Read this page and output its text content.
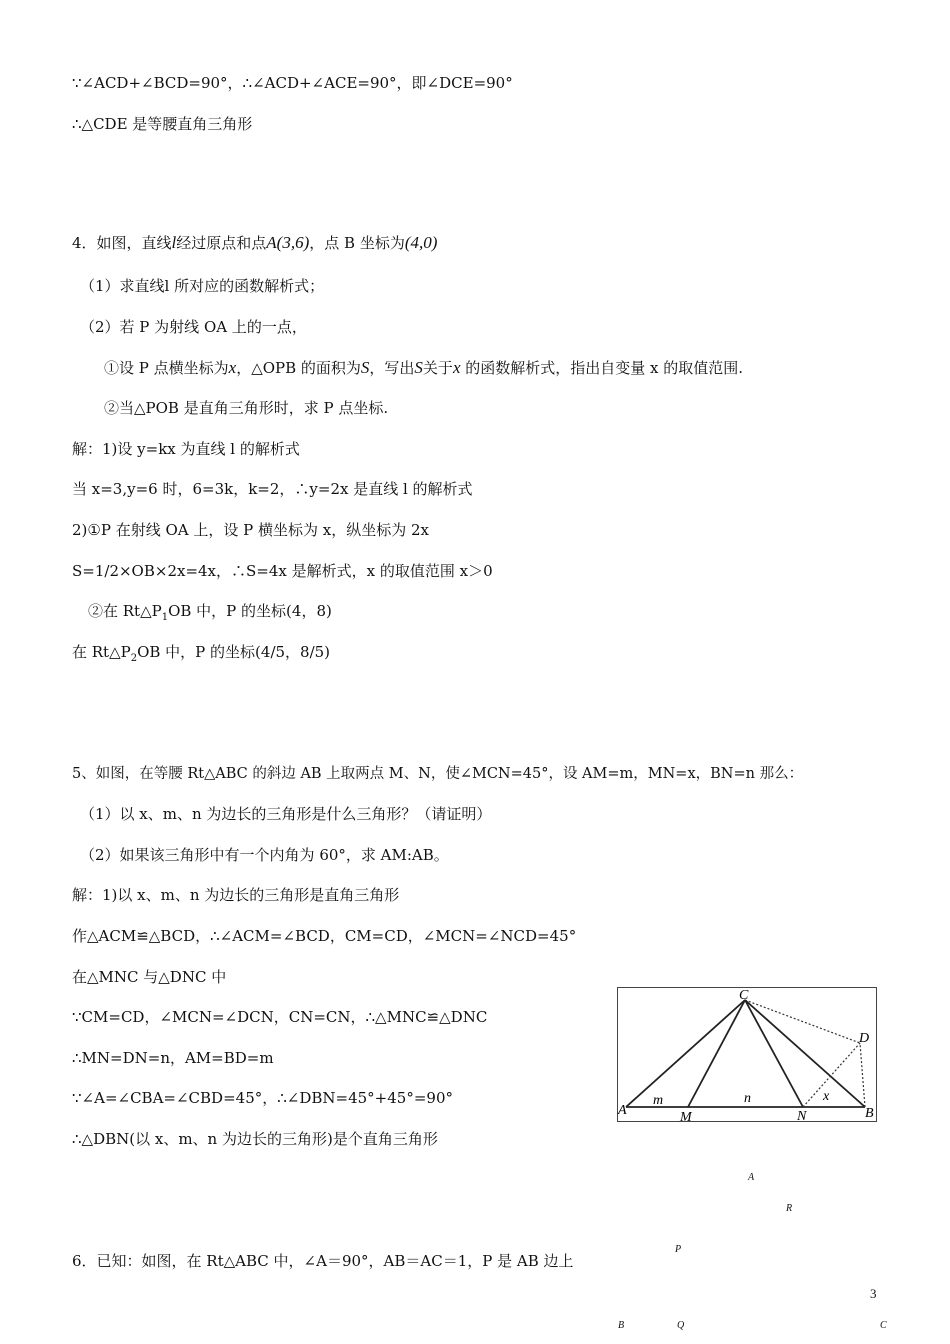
∵∠ACD+∠BCD=90°，∴∠ACD+∠ACE=90°，即∠DCE=90°
∴△CDE 是等腰直角三角形
4．如图，直线l经过原点和点A(3,6)，点 B 坐标为(4,0)
（1）求直线l 所对应的函数解析式；
（2）若 P 为射线 OA 上的一点，
①设 P 点横坐标为x，△OPB 的面积为S，写出S关于x 的函数解析式，指出自变量 x 的取值范围.
②当△POB 是直角三角形时，求 P 点坐标.
解：1)设 y=kx 为直线 l 的解析式
当 x=3,y=6 时，6=3k，k=2，∴y=2x 是直线 l 的解析式
2)①P 在射线 OA 上，设 P 横坐标为 x，纵坐标为 2x
S=1/2×OB×2x=4x，∴S=4x 是解析式，x 的取值范围 x＞0
②在 $Rt\triangle P_1OB$ 中，P 的坐标(4，8)
在 $Rt\triangle P_2OB$ 中，P 的坐标(4/5，8/5)
5、如图，在等腰 Rt△ABC 的斜边 AB 上取两点 M、N，使∠MCN=45°，设 AM=m，MN=x，BN=n 那么：
（1）以 x、m、n 为边长的三角形是什么三角形？（请证明）
（2）如果该三角形中有一个内角为 60°，求 AM:AB。
解：1)以 x、m、n 为边长的三角形是直角三角形
作△ACM≌△BCD，∴∠ACM=∠BCD，CM=CD，∠MCN=∠NCD=45°
在△MNC 与△DNC 中
∵CM=CD，∠MCN=∠DCN，CN=CN，∴△MNC≌△DNC
∴MN=DN=n，AM=BD=m
∵∠A=∠CBA=∠CBD=45°，∴∠DBN=45°+45°=90°
∴△DBN(以 x、m、n 为边长的三角形)是个直角三角形
C
D
A	M	N	B
m	n	x
A
R
P
B	Q	C
6．已知：如图，在 Rt△ABC 中，∠A＝90°，AB＝AC＝1，P 是 AB 边上
3
